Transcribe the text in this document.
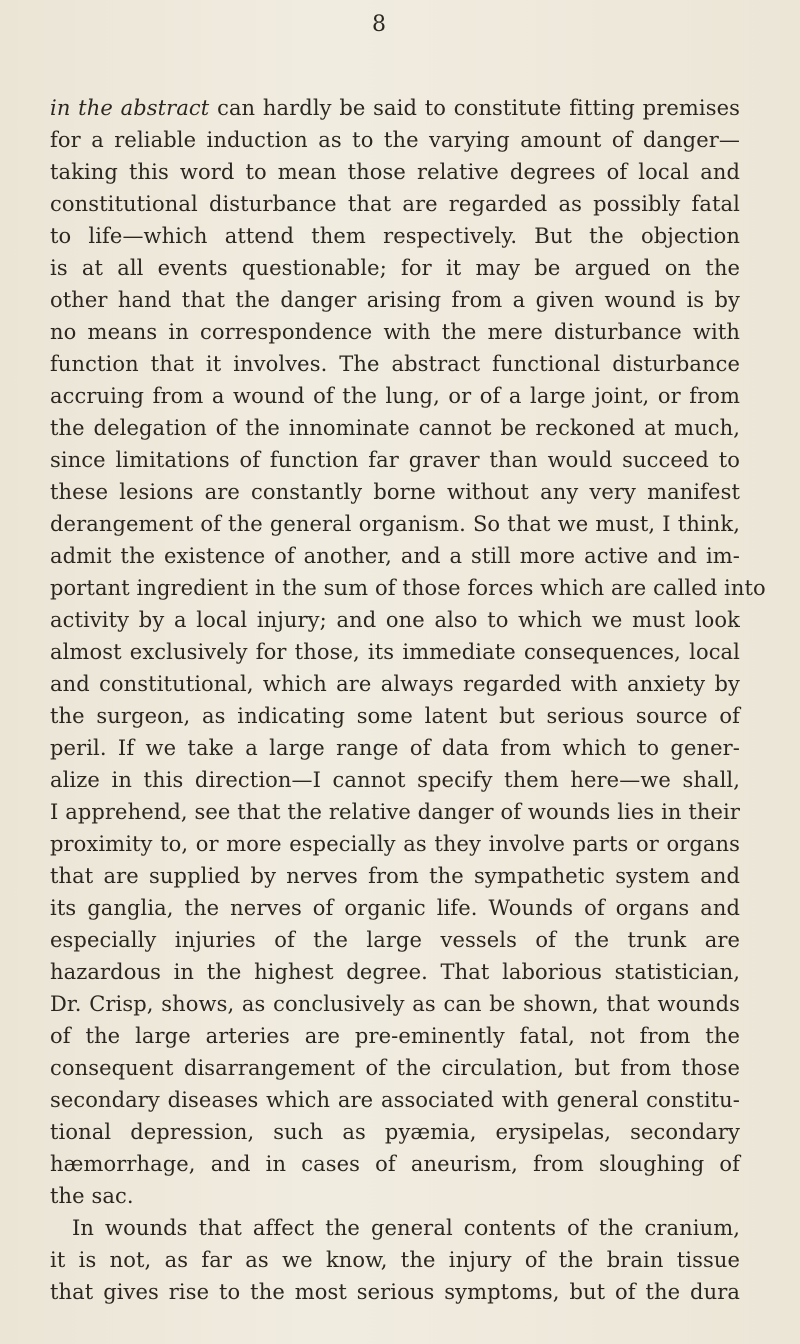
8
in the abstract can hardly be said to constitute fitting premises
for a reliable induction as to the varying amount of danger—
taking this word to mean those relative degrees of local and
constitutional disturbance that are regarded as possibly fatal
to life—which attend them respectively. But the objection
is at all events questionable; for it may be argued on the
other hand that the danger arising from a given wound is by
no means in correspondence with the mere disturbance with
function that it involves. The abstract functional disturbance
accruing from a wound of the lung, or of a large joint, or from
the delegation of the innominate cannot be reckoned at much,
since limitations of function far graver than would succeed to
these lesions are constantly borne without any very manifest
derangement of the general organism. So that we must, I think,
admit the existence of another, and a still more active and im-
portant ingredient in the sum of those forces which are called into
activity by a local injury; and one also to which we must look
almost exclusively for those, its immediate consequences, local
and constitutional, which are always regarded with anxiety by
the surgeon, as indicating some latent but serious source of
peril. If we take a large range of data from which to gener-
alize in this direction—I cannot specify them here—we shall,
I apprehend, see that the relative danger of wounds lies in their
proximity to, or more especially as they involve parts or organs
that are supplied by nerves from the sympathetic system and
its ganglia, the nerves of organic life. Wounds of organs and
especially injuries of the large vessels of the trunk are
hazardous in the highest degree. That laborious statistician,
Dr. Crisp, shows, as conclusively as can be shown, that wounds
of the large arteries are pre-eminently fatal, not from the
consequent disarrangement of the circulation, but from those
secondary diseases which are associated with general constitu-
tional depression, such as pyæmia, erysipelas, secondary
hæmorrhage, and in cases of aneurism, from sloughing of
the sac.
In wounds that affect the general contents of the cranium,
it is not, as far as we know, the injury of the brain tissue
that gives rise to the most serious symptoms, but of the dura
